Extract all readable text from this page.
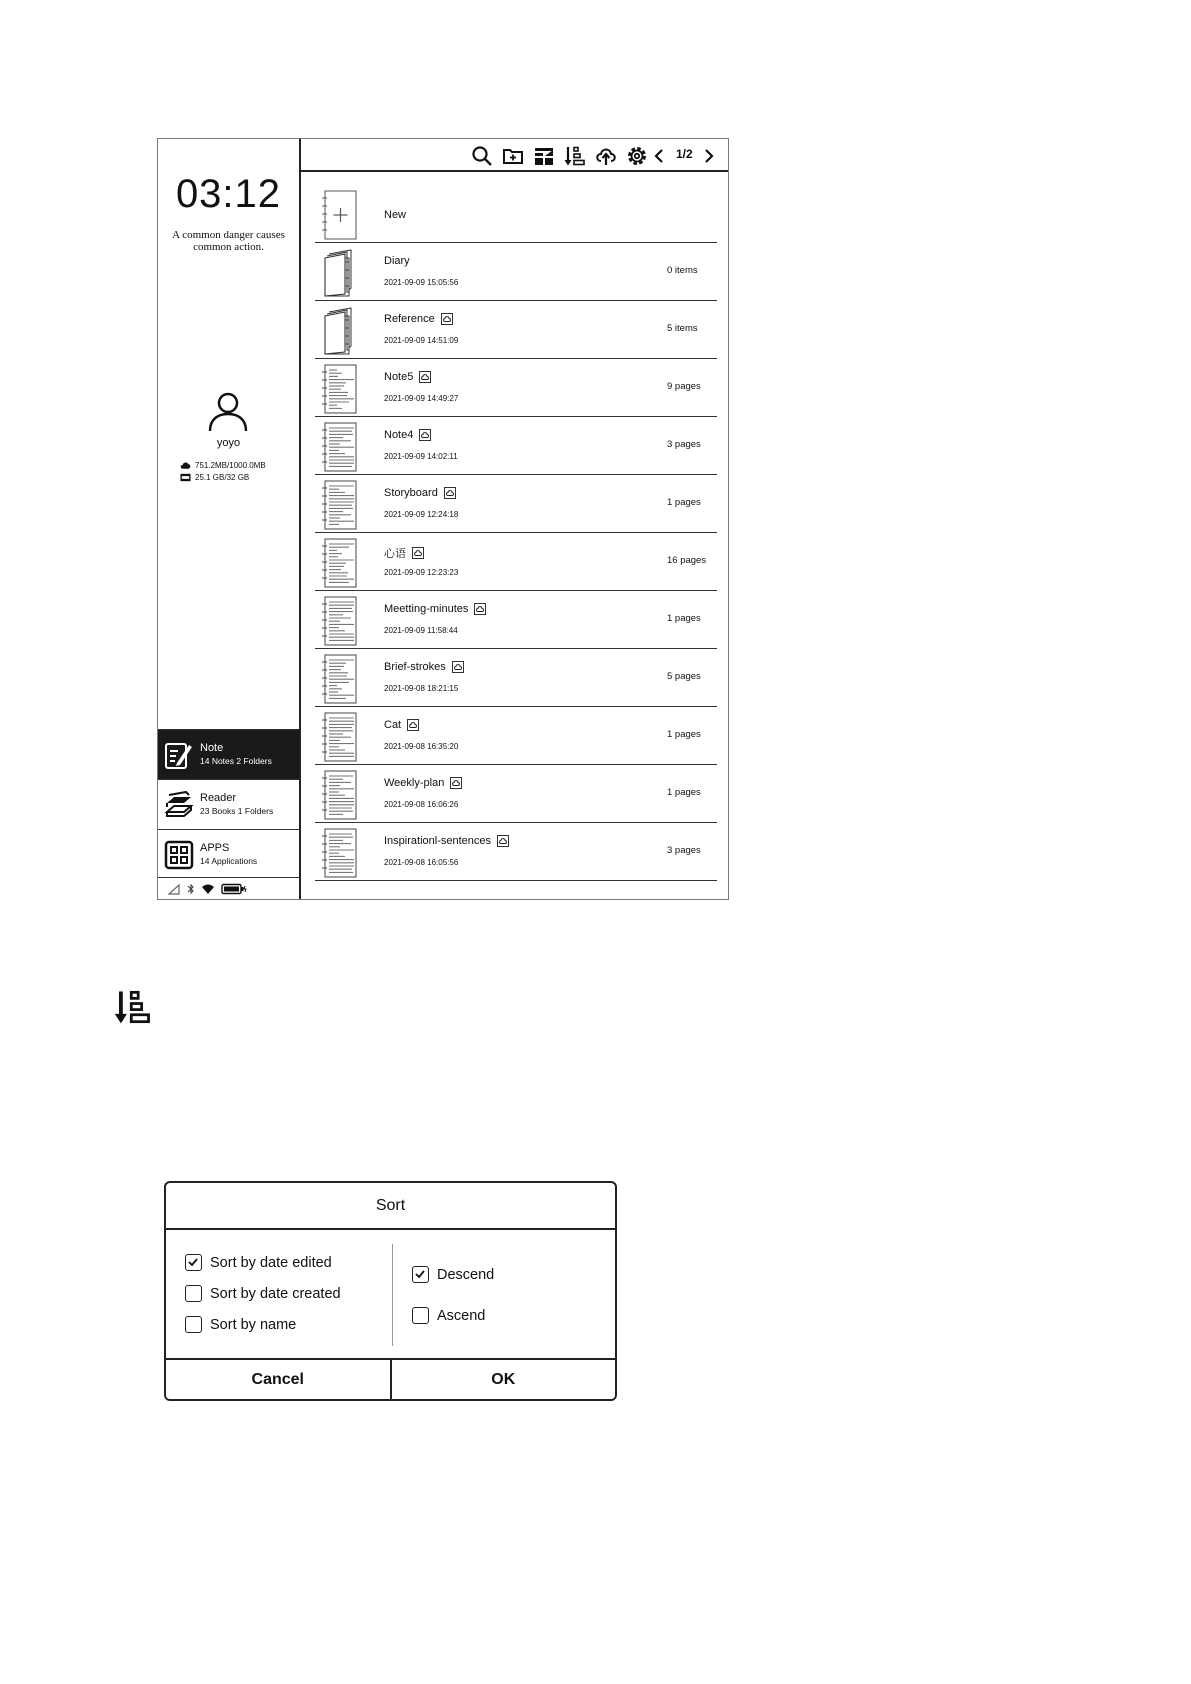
03:12
A common danger causes common action.
yoyo
751.2MB/1000.0MB
25.1 GB/32 GB
Note
14 Notes 2 Folders
Reader
23 Books 1 Folders
APPS
14 Applications
1/2
New
Diary
2021-09-09 15:05:56
0 items
Reference
2021-09-09 14:51:09
5 items
Note5
2021-09-09 14:49:27
9 pages
Note4
2021-09-09 14:02:11
3 pages
Storyboard
2021-09-09 12:24:18
1 pages
心语
2021-09-09 12:23:23
16 pages
Meetting-minutes
2021-09-09 11:58:44
1 pages
Brief-strokes
2021-09-08 18:21:15
5 pages
Cat
2021-09-08 16:35:20
1 pages
Weekly-plan
2021-09-08 16:06:26
1 pages
Inspirationl-sentences
2021-09-08 16:05:56
3 pages
Sort
Sort by date edited
Sort by date created
Sort by name
Descend
Ascend
Cancel	OK
